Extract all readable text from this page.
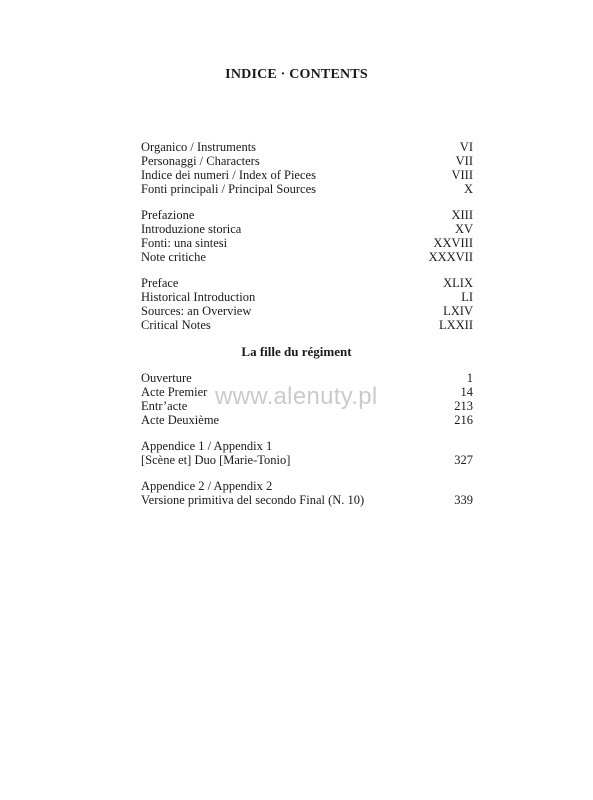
INDICE · CONTENTS
Organico / Instruments	VI
Personaggi / Characters	VII
Indice dei numeri / Index of Pieces	VIII
Fonti principali / Principal Sources	X
Prefazione	XIII
Introduzione storica	XV
Fonti: una sintesi	XXVIII
Note critiche	XXXVII
Preface	XLIX
Historical Introduction	LI
Sources: an Overview	LXIV
Critical Notes	LXXII
La fille du régiment
Ouverture	1
Acte Premier	14
Entr’acte	213
Acte Deuxième	216
Appendice 1 / Appendix 1
[Scène et] Duo [Marie-Tonio]	327
Appendice 2 / Appendix 2
Versione primitiva del secondo Final (N. 10)	339
www.alenuty.pl
